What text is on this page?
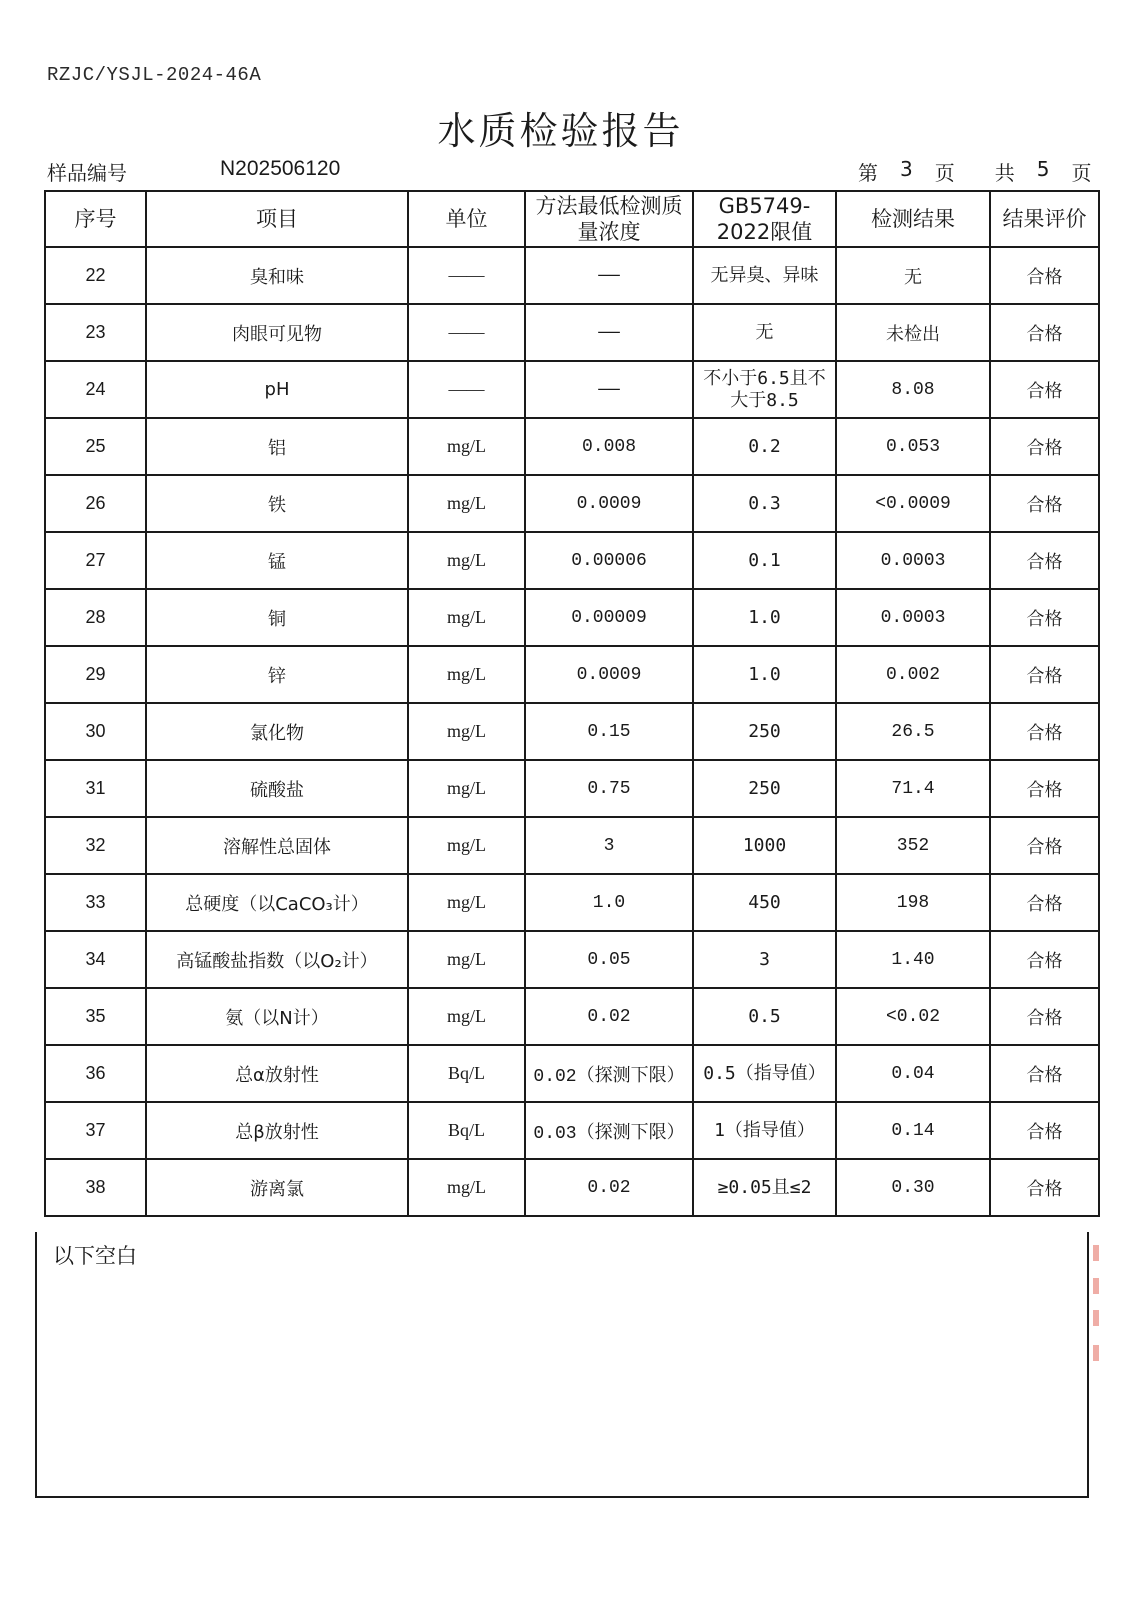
RZJC/YSJL-2024-46A
水质检验报告
样品编号	N202506120	第 3 页 共 5 页
序号	项目	单位	方法最低检测质量浓度	GB5749-2022限值	检测结果	结果评价
22	臭和味	——	——	无异臭、异味	无	合格
23	肉眼可见物	——	——	无	未检出	合格
24	pH	——	——	不小于6.5且不大于8.5	8.08	合格
25	铝	mg/L	0.008	0.2	0.053	合格
26	铁	mg/L	0.0009	0.3	<0.0009	合格
27	锰	mg/L	0.00006	0.1	0.0003	合格
28	铜	mg/L	0.00009	1.0	0.0003	合格
29	锌	mg/L	0.0009	1.0	0.002	合格
30	氯化物	mg/L	0.15	250	26.5	合格
31	硫酸盐	mg/L	0.75	250	71.4	合格
32	溶解性总固体	mg/L	3	1000	352	合格
33	总硬度（以CaCO₃计）	mg/L	1.0	450	198	合格
34	高锰酸盐指数（以O₂计）	mg/L	0.05	3	1.40	合格
35	氨（以N计）	mg/L	0.02	0.5	<0.02	合格
36	总α放射性	Bq/L	0.02（探测下限）	0.5（指导值）	0.04	合格
37	总β放射性	Bq/L	0.03（探测下限）	1（指导值）	0.14	合格
38	游离氯	mg/L	0.02	≥0.05且≤2	0.30	合格
以下空白
